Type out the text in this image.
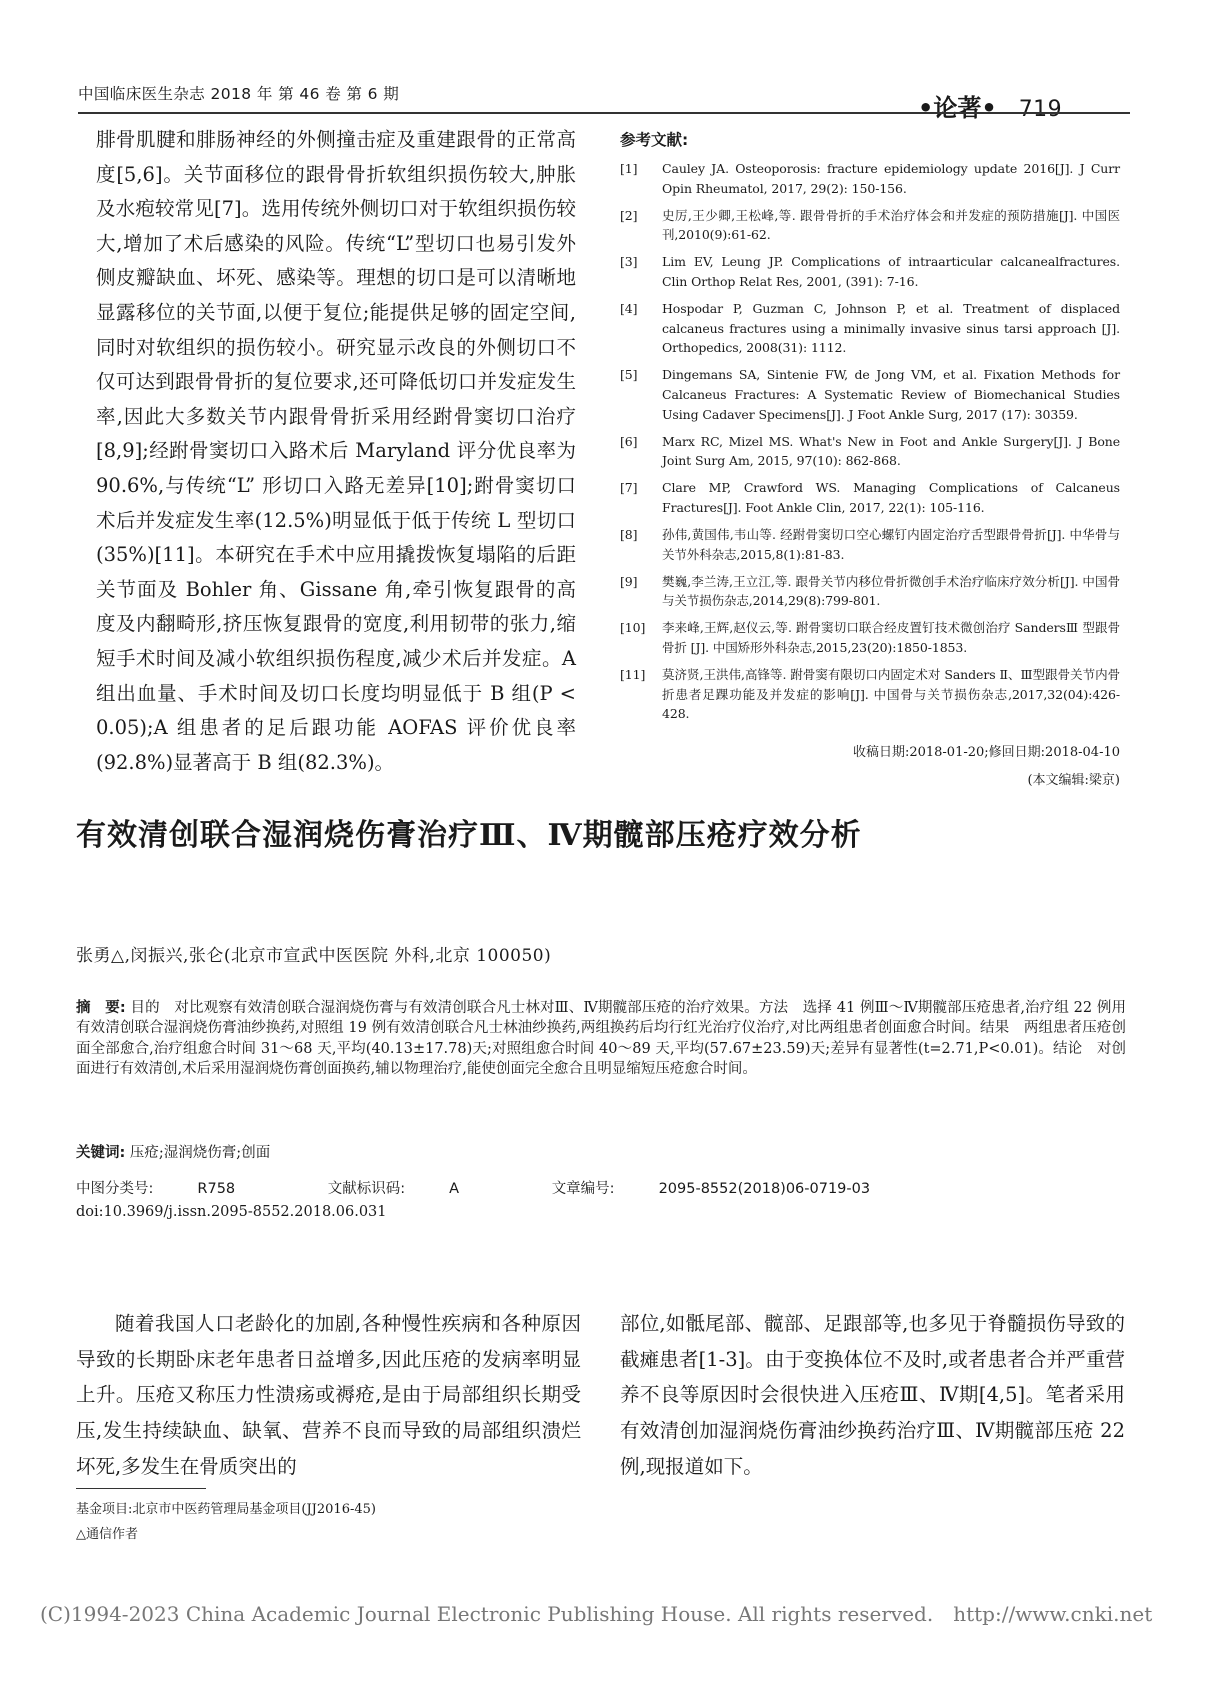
中国临床医生杂志 2018 年 第 46 卷 第 6 期	•论著• 719

腓骨肌腱和腓肠神经的外侧撞击症及重建跟骨的正常高度[5,6]。关节面移位的跟骨骨折软组织损伤较大,肿胀及水疱较常见[7]。选用传统外侧切口对于软组织损伤较大,增加了术后感染的风险。传统“L”型切口也易引发外侧皮瓣缺血、坏死、感染等。理想的切口是可以清晰地显露移位的关节面,以便于复位;能提供足够的固定空间,同时对软组织的损伤较小。研究显示改良的外侧切口不仅可达到跟骨骨折的复位要求,还可降低切口并发症发生率,因此大多数关节内跟骨骨折采用经跗骨窦切口治疗[8,9];经跗骨窦切口入路术后 Maryland 评分优良率为 90.6%,与传统“L” 形切口入路无差异[10];跗骨窦切口术后并发症发生率(12.5%)明显低于低于传统 L 型切口(35%)[11]。本研究在手术中应用撬拨恢复塌陷的后距关节面及 Bohler 角、Gissane 角,牵引恢复跟骨的高度及内翻畸形,挤压恢复跟骨的宽度,利用韧带的张力,缩短手术时间及减小软组织损伤程度,减少术后并发症。A 组出血量、手术时间及切口长度均明显低于 B 组(P < 0.05);A 组患者的足后跟功能 AOFAS 评价优良率(92.8%)显著高于 B 组(82.3%)。

参考文献:
[1]	Cauley JA. Osteoporosis: fracture epidemiology update 2016[J]. J Curr Opin Rheumatol, 2017, 29(2): 150-156.
[2]	史厉,王少卿,王松峰,等. 跟骨骨折的手术治疗体会和并发症的预防措施[J]. 中国医刊,2010(9):61-62.
[3]	Lim EV, Leung JP. Complications of intraarticular calcanealfractures. Clin Orthop Relat Res, 2001, (391): 7-16.
[4]	Hospodar P, Guzman C, Johnson P, et al. Treatment of displaced calcaneus fractures using a minimally invasive sinus tarsi approach [J]. Orthopedics, 2008(31): 1112.
[5]	Dingemans SA, Sintenie FW, de Jong VM, et al. Fixation Methods for Calcaneus Fractures: A Systematic Review of Biomechanical Studies Using Cadaver Specimens[J]. J Foot Ankle Surg, 2017 (17): 30359.
[6]	Marx RC, Mizel MS. What's New in Foot and Ankle Surgery[J]. J Bone Joint Surg Am, 2015, 97(10): 862-868.
[7]	Clare MP, Crawford WS. Managing Complications of Calcaneus Fractures[J]. Foot Ankle Clin, 2017, 22(1): 105-116.
[8]	孙伟,黄国伟,韦山等. 经跗骨窦切口空心螺钉内固定治疗舌型跟骨骨折[J]. 中华骨与关节外科杂志,2015,8(1):81-83.
[9]	樊巍,李兰涛,王立江,等. 跟骨关节内移位骨折微创手术治疗临床疗效分析[J]. 中国骨与关节损伤杂志,2014,29(8):799-801.
[10]	李来峰,王辉,赵仪云,等. 跗骨窦切口联合经皮置钉技术微创治疗 SandersⅢ 型跟骨骨折 [J]. 中国矫形外科杂志,2015,23(20):1850-1853.
[11]	莫济贤,王洪伟,高锋等. 跗骨窦有限切口内固定术对 Sanders Ⅱ、Ⅲ型跟骨关节内骨折患者足踝功能及并发症的影响[J]. 中国骨与关节损伤杂志,2017,32(04):426-428.
收稿日期:2018-01-20;修回日期:2018-04-10
(本文编辑:梁京)
有效清创联合湿润烧伤膏治疗Ⅲ、Ⅳ期髋部压疮疗效分析
张勇△,闵振兴,张仑(北京市宣武中医医院 外科,北京 100050)
摘　要: 目的　对比观察有效清创联合湿润烧伤膏与有效清创联合凡士林对Ⅲ、Ⅳ期髋部压疮的治疗效果。方法　选择 41 例Ⅲ～Ⅳ期髋部压疮患者,治疗组 22 例用有效清创联合湿润烧伤膏油纱换药,对照组 19 例有效清创联合凡士林油纱换药,两组换药后均行红光治疗仪治疗,对比两组患者创面愈合时间。结果　两组患者压疮创面全部愈合,治疗组愈合时间 31～68 天,平均(40.13±17.78)天;对照组愈合时间 40～89 天,平均(57.67±23.59)天;差异有显著性(t=2.71,P<0.01)。结论　对创面进行有效清创,术后采用湿润烧伤膏创面换药,辅以物理治疗,能使创面完全愈合且明显缩短压疮愈合时间。
关键词: 压疮;湿润烧伤膏;创面
中图分类号:	R758	文献标识码:	A	文章编号:	2095-8552(2018)06-0719-03
doi:10.3969/j.issn.2095-8552.2018.06.031

随着我国人口老龄化的加剧,各种慢性疾病和各种原因导致的长期卧床老年患者日益增多,因此压疮的发病率明显上升。压疮又称压力性溃疡或褥疮,是由于局部组织长期受压,发生持续缺血、缺氧、营养不良而导致的局部组织溃烂坏死,多发生在骨质突出的

部位,如骶尾部、髋部、足跟部等,也多见于脊髓损伤导致的截瘫患者[1-3]。由于变换体位不及时,或者患者合并严重营养不良等原因时会很快进入压疮Ⅲ、Ⅳ期[4,5]。笔者采用有效清创加湿润烧伤膏油纱换药治疗Ⅲ、Ⅳ期髋部压疮 22 例,现报道如下。

基金项目:北京市中医药管理局基金项目(JJ2016-45)
△通信作者
(C)1994-2023 China Academic Journal Electronic Publishing House. All rights reserved. http://www.cnki.net
